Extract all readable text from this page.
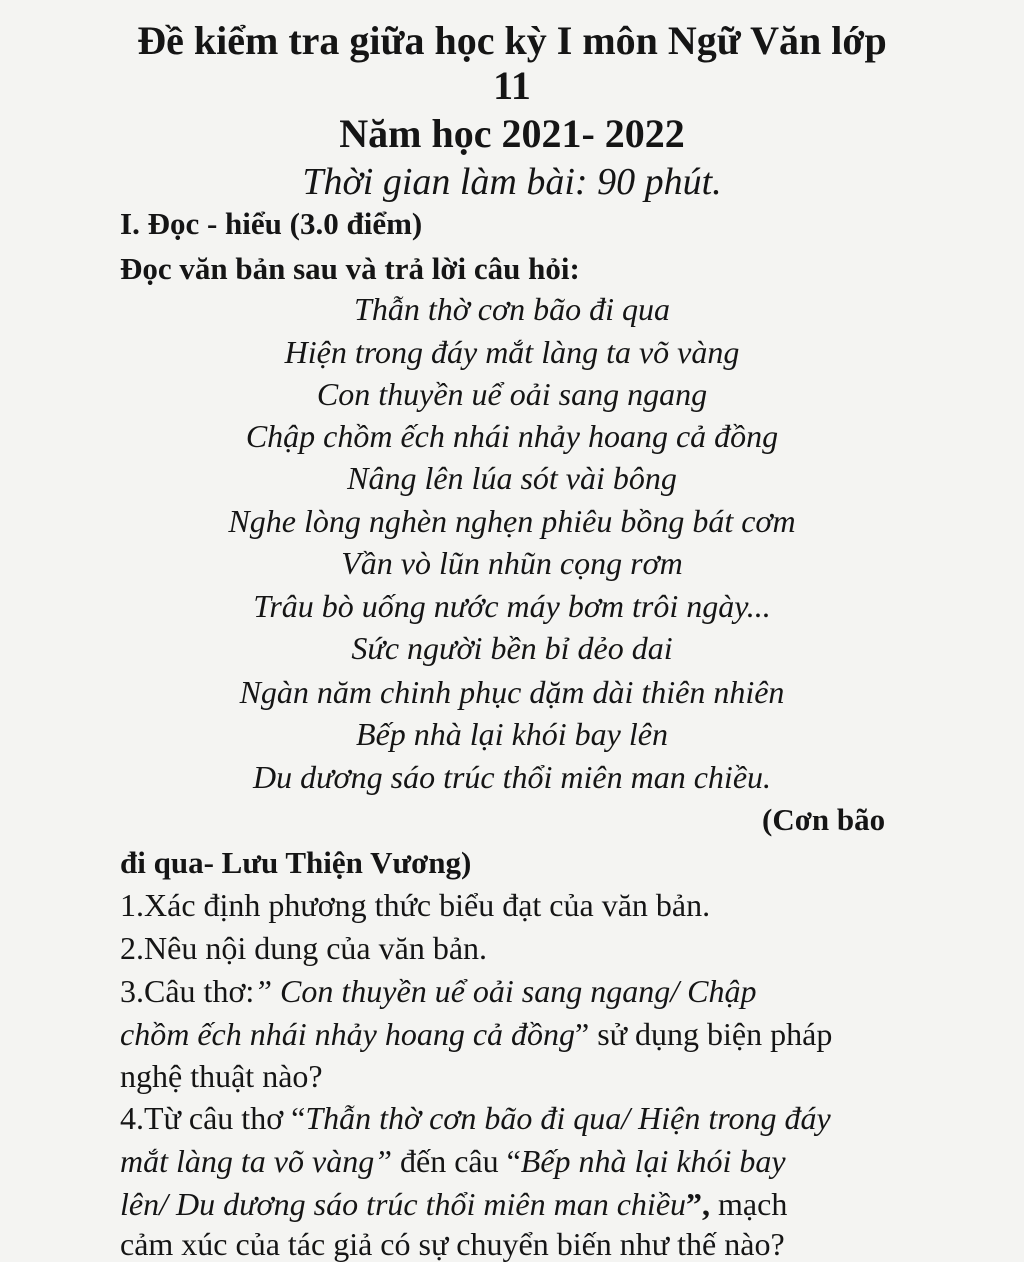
Đề kiểm tra giữa học kỳ I môn Ngữ Văn lớp
11
Năm học 2021- 2022
Thời gian làm bài: 90 phút.
I. Đọc - hiểu (3.0 điểm)
Đọc văn bản sau và trả lời câu hỏi:
Thẫn thờ cơn bão đi qua
Hiện trong đáy mắt làng ta võ vàng
Con thuyền uể oải sang ngang
Chập chồm ếch nhái nhảy hoang cả đồng
Nâng lên lúa sót vài bông
Nghe lòng nghèn nghẹn phiêu bồng bát cơm
Vần vò lũn nhũn cọng rơm
Trâu bò uống nước máy bơm trôi ngày...
Sức người bền bỉ dẻo dai
Ngàn năm chinh phục dặm dài thiên nhiên
Bếp nhà lại khói bay lên
Du dương sáo trúc thổi miên man chiều.
(Cơn bão
đi qua- Lưu Thiện Vương)
1.Xác định phương thức biểu đạt của văn bản.
2.Nêu nội dung của văn bản.
3.Câu thơ:” Con thuyền uể oải sang ngang/ Chập
chồm ếch nhái nhảy hoang cả đồng” sử dụng biện pháp
nghệ thuật nào?
4.Từ câu thơ “Thẫn thờ cơn bão đi qua/ Hiện trong đáy
mắt làng ta võ vàng” đến câu “Bếp nhà lại khói bay
lên/ Du dương sáo trúc thổi miên man chiều”, mạch
cảm xúc của tác giả có sự chuyển biến như thế nào?
